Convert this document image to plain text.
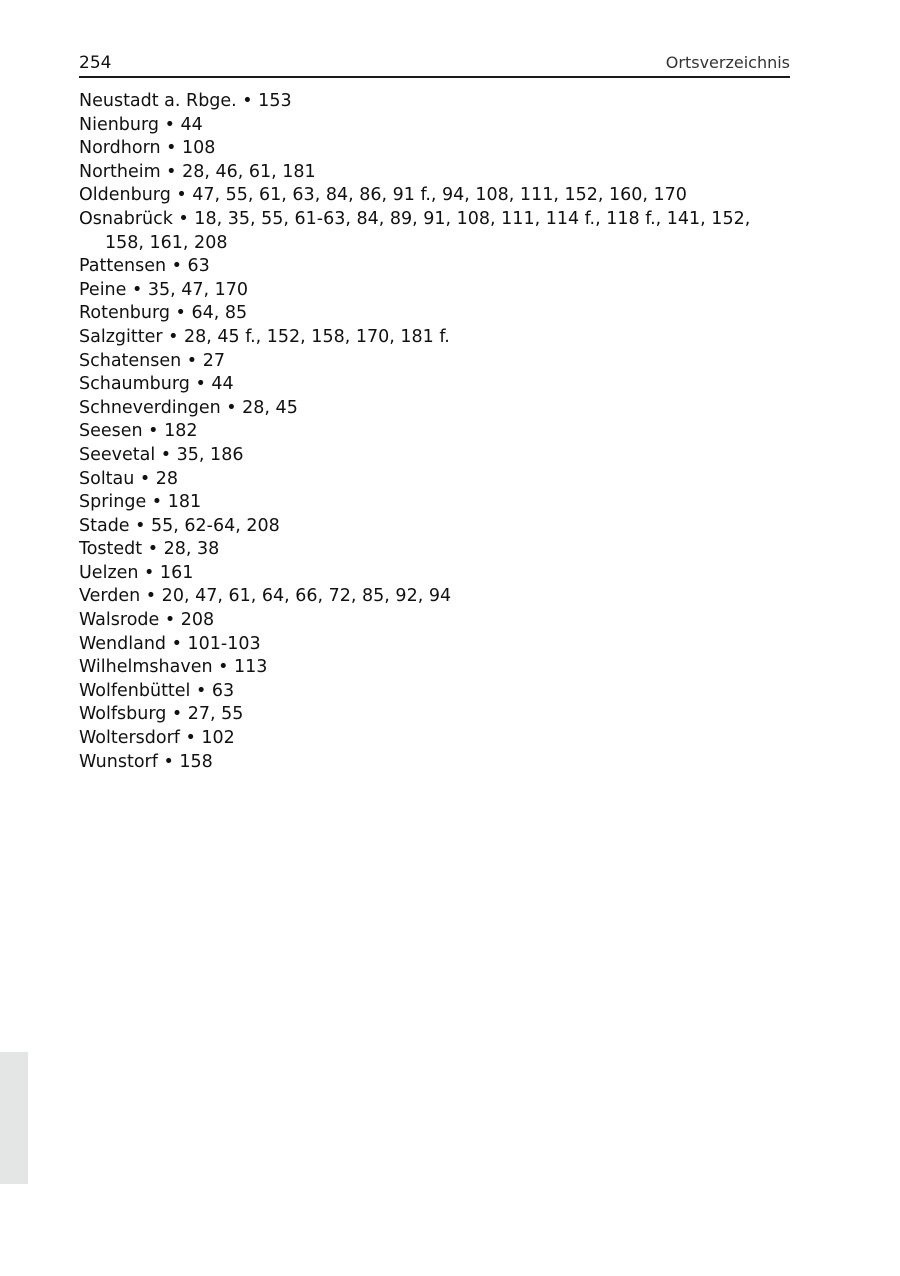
254	Ortsverzeichnis
Neustadt a. Rbge. • 153
Nienburg • 44
Nordhorn • 108
Northeim • 28, 46, 61, 181
Oldenburg • 47, 55, 61, 63, 84, 86, 91 f., 94, 108, 111, 152, 160, 170
Osnabrück • 18, 35, 55, 61-63, 84, 89, 91, 108, 111, 114 f., 118 f., 141, 152, 158, 161, 208
Pattensen • 63
Peine • 35, 47, 170
Rotenburg • 64, 85
Salzgitter • 28, 45 f., 152, 158, 170, 181 f.
Schatensen • 27
Schaumburg • 44
Schneverdingen • 28, 45
Seesen • 182
Seevetal • 35, 186
Soltau • 28
Springe • 181
Stade • 55, 62-64, 208
Tostedt • 28, 38
Uelzen • 161
Verden • 20, 47, 61, 64, 66, 72, 85, 92, 94
Walsrode • 208
Wendland • 101-103
Wilhelmshaven • 113
Wolfenbüttel • 63
Wolfsburg • 27, 55
Woltersdorf • 102
Wunstorf • 158
